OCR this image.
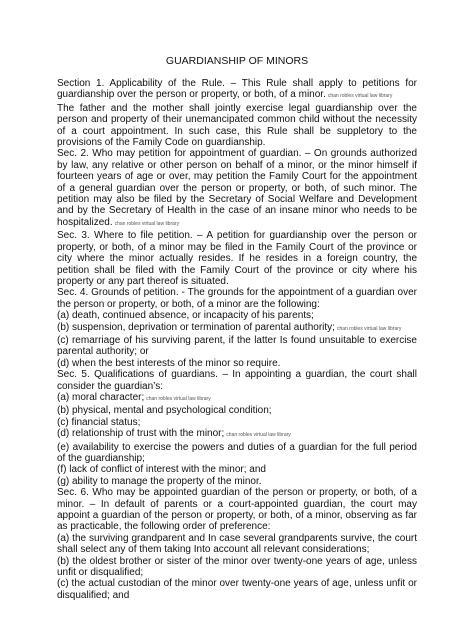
GUARDIANSHIP OF MINORS

Section 1. Applicability of the Rule. – This Rule shall apply to petitions for guardianship over the person or property, or both, of a minor. chan robles virtual law library

The father and the mother shall jointly exercise legal guardianship over the person and property of their unemancipated common child without the necessity of a court appointment. In such case, this Rule shall be suppletory to the provisions of the Family Code on guardianship.

Sec. 2. Who may petition for appointment of guardian. – On grounds authorized by law, any relative or other person on behalf of a minor, or the minor himself if fourteen years of age or over, may petition the Family Court for the appointment of a general guardian over the person or property, or both, of such minor. The petition may also be filed by the Secretary of Social Welfare and Development and by the Secretary of Health in the case of an insane minor who needs to be hospitalized. chan robles virtual law library

Sec. 3. Where to file petition. – A petition for guardianship over the person or property, or both, of a minor may be filed in the Family Court of the province or city where the minor actually resides. If he resides in a foreign country, the petition shall be filed with the Family Court of the province or city where his property or any part thereof is situated.

Sec. 4. Grounds of petition. - The grounds for the appointment of a guardian over the person or property, or both, of a minor are the following:

(a) death, continued absence, or incapacity of his parents;

(b) suspension, deprivation or termination of parental authority; chan robles virtual law library

(c) remarriage of his surviving parent, if the latter Is found unsuitable to exercise parental authority; or

(d) when the best interests of the minor so require.

Sec. 5. Qualifications of guardians. – In appointing a guardian, the court shall consider the guardian’s:

(a) moral character; chan robles virtual law library

(b) physical, mental and psychological condition;

(c) financial status;

(d) relationship of trust with the minor; chan robles virtual law library

(e) availability to exercise the powers and duties of a guardian for the full period of the guardianship;

(f) lack of conflict of interest with the minor; and

(g) ability to manage the property of the minor.

Sec. 6. Who may be appointed guardian of the person or property, or both, of a minor. – In default of parents or a court-appointed guardian, the court may appoint a guardian of the person or property, or both, of a minor, observing as far as practicable, the following order of preference:

(a) the surviving grandparent and In case several grandparents survive, the court shall select any of them taking Into account all relevant considerations;

(b) the oldest brother or sister of the minor over twenty-one years of age, unless unfit or disqualified;

(c) the actual custodian of the minor over twenty-one years of age, unless unfit or disqualified; and
